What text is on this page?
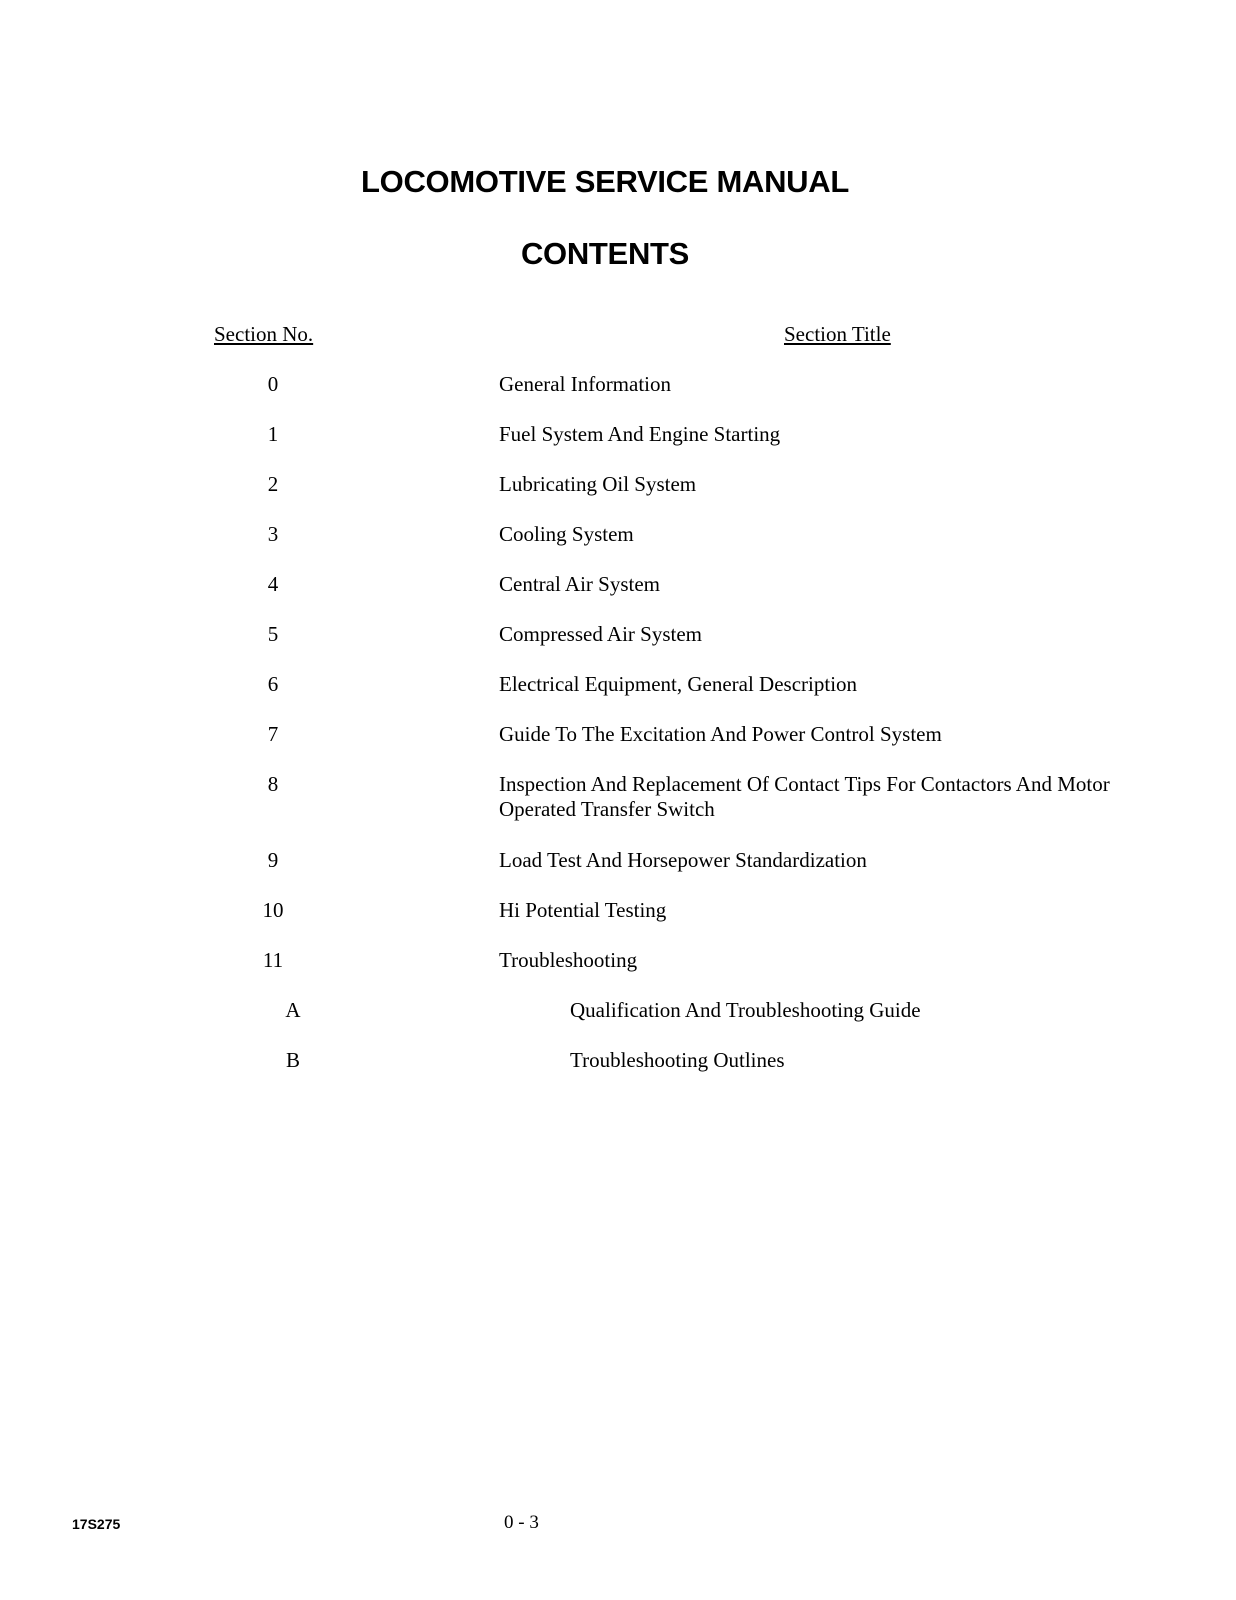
LOCOMOTIVE SERVICE MANUAL
CONTENTS
Section No.	Section Title
0	General Information
1	Fuel System And Engine Starting
2	Lubricating Oil System
3	Cooling System
4	Central Air System
5	Compressed Air System
6	Electrical Equipment, General Description
7	Guide To The Excitation And Power Control System
8	Inspection And Replacement Of Contact Tips For Contactors And Motor Operated Transfer Switch
9	Load Test And Horsepower Standardization
10	Hi Potential Testing
11	Troubleshooting
A	Qualification And Troubleshooting Guide
B	Troubleshooting Outlines
17S275	0 - 3
